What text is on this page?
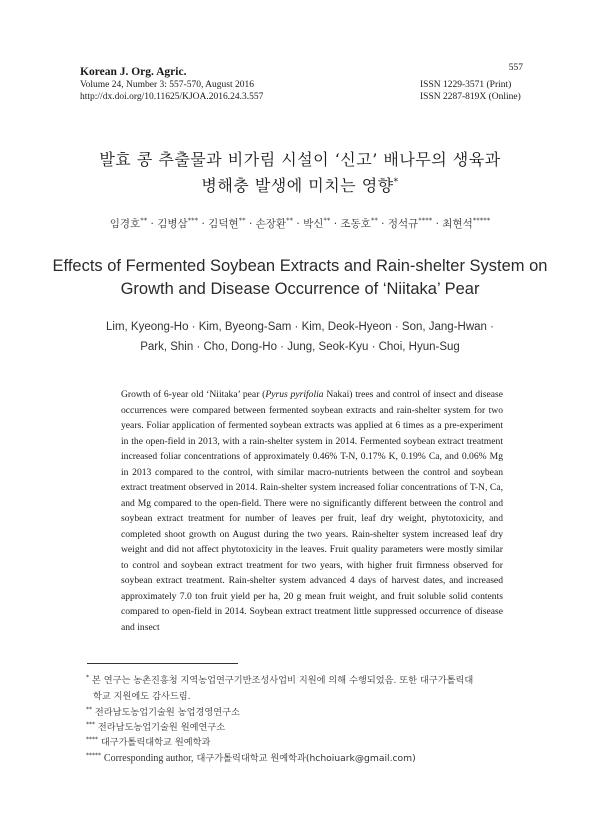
Korean J. Org. Agric.
Volume 24, Number 3: 557-570, August 2016
http://dx.doi.org/10.11625/KJOA.2016.24.3.557
557
ISSN 1229-3571 (Print)
ISSN 2287-819X (Online)
발효 콩 추출물과 비가림 시설이 ‘신고’ 배나무의 생육과
병해충 발생에 미치는 영향*
임경호** · 김병삼*** · 김덕현** · 손장환** · 박신** · 조동호** · 정석규**** · 최현석*****
Effects of Fermented Soybean Extracts and Rain-shelter System on
Growth and Disease Occurrence of ‘Niitaka’ Pear
Lim, Kyeong-Ho · Kim, Byeong-Sam · Kim, Deok-Hyeon · Son, Jang-Hwan ·
Park, Shin · Cho, Dong-Ho · Jung, Seok-Kyu · Choi, Hyun-Sug
Growth of 6-year old ‘Niitaka’ pear (Pyrus pyrifolia Nakai) trees and control of insect and disease occurrences were compared between fermented soybean extracts and rain-shelter system for two years. Foliar application of fermented soybean extracts was applied at 6 times as a pre-experiment in the open-field in 2013, with a rain-shelter system in 2014. Fermented soybean extract treatment increased foliar concentrations of approximately 0.46% T-N, 0.17% K, 0.19% Ca, and 0.06% Mg in 2013 compared to the control, with similar macro-nutrients between the control and soybean extract treatment observed in 2014. Rain-shelter system increased foliar concentrations of T-N, Ca, and Mg compared to the open-field. There were no significantly different between the control and soybean extract treatment for number of leaves per fruit, leaf dry weight, phytotoxicity, and completed shoot growth on August during the two years. Rain-shelter system increased leaf dry weight and did not affect phytotoxicity in the leaves. Fruit quality parameters were mostly similar to control and soybean extract treatment for two years, with higher fruit firmness observed for soybean extract treatment. Rain-shelter system advanced 4 days of harvest dates, and increased approximately 7.0 ton fruit yield per ha, 20 g mean fruit weight, and fruit soluble solid contents compared to open-field in 2014. Soybean extract treatment little suppressed occurrence of disease and insect
* 본 연구는 농촌진흥청 지역농업연구기반조성사업비 지원에 의해 수행되었음. 또한 대구가톨릭대
학교 지원에도 감사드림.
** 전라남도농업기술원 농업경영연구소
*** 전라남도농업기술원 원예연구소
**** 대구가톨릭대학교 원예학과
***** Corresponding author, 대구가톨릭대학교 원예학과(hchoiuark@gmail.com)
